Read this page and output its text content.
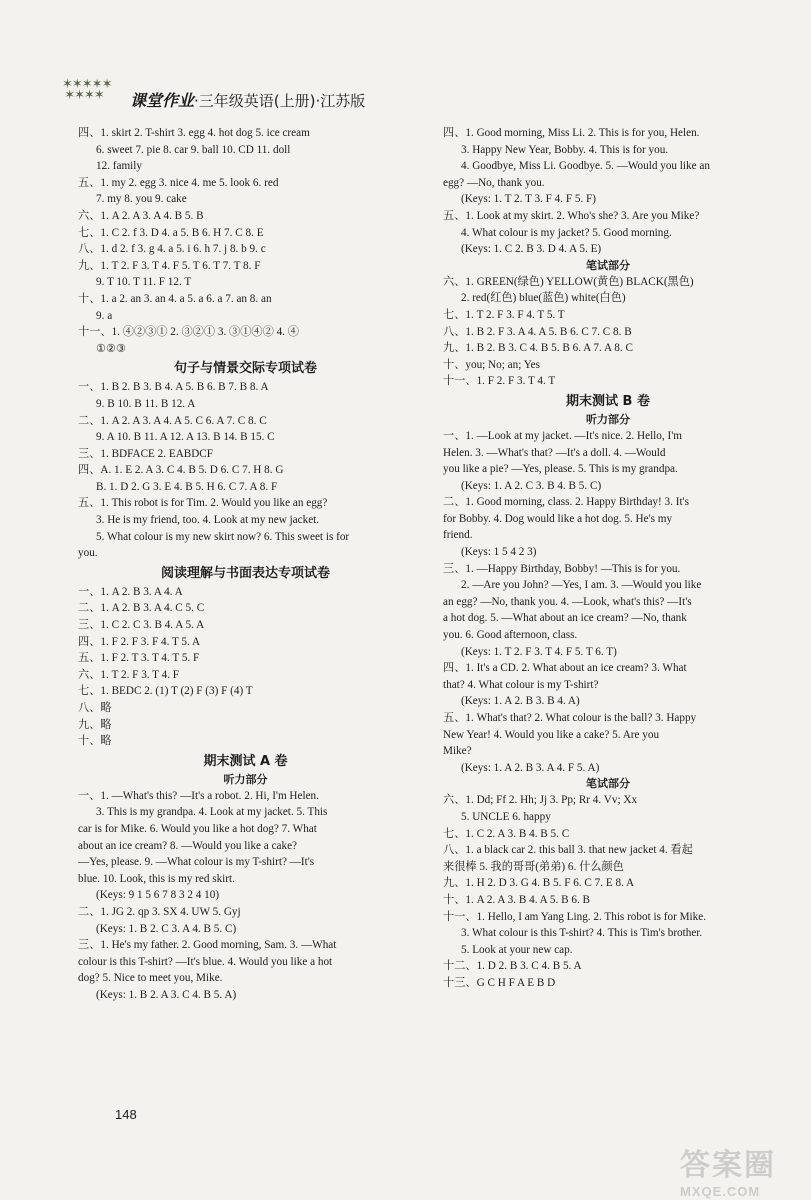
✶✶✶✶✶
✶✶✶✶	课堂作业·三年级英语(上册)·江苏版
四、1. skirt 2. T-shirt 3. egg 4. hot dog 5. ice cream
6. sweet 7. pie 8. car 9. ball 10. CD 11. doll
12. family
五、1. my 2. egg 3. nice 4. me 5. look 6. red
7. my 8. you 9. cake
六、1. A 2. A 3. A 4. B 5. B
七、1. C 2. f 3. D 4. a 5. B 6. H 7. C 8. E
八、1. d 2. f 3. g 4. a 5. i 6. h 7. j 8. b 9. c
九、1. T 2. F 3. T 4. F 5. T 6. T 7. T 8. F
9. T 10. T 11. F 12. T
十、1. a 2. an 3. an 4. a 5. a 6. a 7. an 8. an
9. a
十一、1. ④②③① 2. ③②① 3. ③①④② 4. ④
①②③
句子与情景交际专项试卷
一、1. B 2. B 3. B 4. A 5. B 6. B 7. B 8. A
9. B 10. B 11. B 12. A
二、1. A 2. A 3. A 4. A 5. C 6. A 7. C 8. C
9. A 10. B 11. A 12. A 13. B 14. B 15. C
三、1. BDFACE 2. EABDCF
四、A. 1. E 2. A 3. C 4. B 5. D 6. C 7. H 8. G
B. 1. D 2. G 3. E 4. B 5. H 6. C 7. A 8. F
五、1. This robot is for Tim. 2. Would you like an egg?
3. He is my friend, too. 4. Look at my new jacket.
5. What colour is my new skirt now? 6. This sweet is for
you.
阅读理解与书面表达专项试卷
一、1. A 2. B 3. A 4. A
二、1. A 2. B 3. A 4. C 5. C
三、1. C 2. C 3. B 4. A 5. A
四、1. F 2. F 3. F 4. T 5. A
五、1. F 2. T 3. T 4. T 5. F
六、1. T 2. F 3. T 4. F
七、1. BEDC 2. (1) T (2) F (3) F (4) T
八、略
九、略
十、略
期末测试 A 卷
听力部分
一、1. —What's this? —It's a robot. 2. Hi, I'm Helen.
3. This is my grandpa. 4. Look at my jacket. 5. This
car is for Mike. 6. Would you like a hot dog? 7. What
about an ice cream? 8. —Would you like a cake?
—Yes, please. 9. —What colour is my T-shirt? —It's
blue. 10. Look, this is my red skirt.
(Keys: 9 1 5 6 7 8 3 2 4 10)
二、1. JG 2. qp 3. SX 4. UW 5. Gyj
(Keys: 1. B 2. C 3. A 4. B 5. C)
三、1. He's my father. 2. Good morning, Sam. 3. —What
colour is this T-shirt? —It's blue. 4. Would you like a hot
dog? 5. Nice to meet you, Mike.
(Keys: 1. B 2. A 3. C 4. B 5. A)
四、1. Good morning, Miss Li. 2. This is for you, Helen.
3. Happy New Year, Bobby. 4. This is for you.
4. Goodbye, Miss Li. Goodbye. 5. —Would you like an
egg? —No, thank you.
(Keys: 1. T 2. T 3. F 4. F 5. F)
五、1. Look at my skirt. 2. Who's she? 3. Are you Mike?
4. What colour is my jacket? 5. Good morning.
(Keys: 1. C 2. B 3. D 4. A 5. E)
笔试部分
六、1. GREEN(绿色) YELLOW(黄色) BLACK(黑色)
2. red(红色) blue(蓝色) white(白色)
七、1. T 2. F 3. F 4. T 5. T
八、1. B 2. F 3. A 4. A 5. B 6. C 7. C 8. B
九、1. B 2. B 3. C 4. B 5. B 6. A 7. A 8. C
十、you; No; an; Yes
十一、1. F 2. F 3. T 4. T
期末测试 B 卷
听力部分
一、1. —Look at my jacket. —It's nice. 2. Hello, I'm
Helen. 3. —What's that? —It's a doll. 4. —Would
you like a pie? —Yes, please. 5. This is my grandpa.
(Keys: 1. A 2. C 3. B 4. B 5. C)
二、1. Good morning, class. 2. Happy Birthday! 3. It's
for Bobby. 4. Dog would like a hot dog. 5. He's my
friend.
(Keys: 1 5 4 2 3)
三、1. —Happy Birthday, Bobby! —This is for you.
2. —Are you John? —Yes, I am. 3. —Would you like
an egg? —No, thank you. 4. —Look, what's this? —It's
a hot dog. 5. —What about an ice cream? —No, thank
you. 6. Good afternoon, class.
(Keys: 1. T 2. F 3. T 4. F 5. T 6. T)
四、1. It's a CD. 2. What about an ice cream? 3. What
that? 4. What colour is my T-shirt?
(Keys: 1. A 2. B 3. B 4. A)
五、1. What's that? 2. What colour is the ball? 3. Happy
New Year! 4. Would you like a cake? 5. Are you
Mike?
(Keys: 1. A 2. B 3. A 4. F 5. A)
笔试部分
六、1. Dd; Ff 2. Hh; Jj 3. Pp; Rr 4. Vv; Xx
5. UNCLE 6. happy
七、1. C 2. A 3. B 4. B 5. C
八、1. a black car 2. this ball 3. that new jacket 4. 看起
来很棒 5. 我的哥哥(弟弟) 6. 什么颜色
九、1. H 2. D 3. G 4. B 5. F 6. C 7. E 8. A
十、1. A 2. A 3. B 4. A 5. B 6. B
十一、1. Hello, I am Yang Ling. 2. This robot is for Mike.
3. What colour is this T-shirt? 4. This is Tim's brother.
5. Look at your new cap.
十二、1. D 2. B 3. C 4. B 5. A
十三、G C H F A E B D
148
答案圈
MXQE.COM
